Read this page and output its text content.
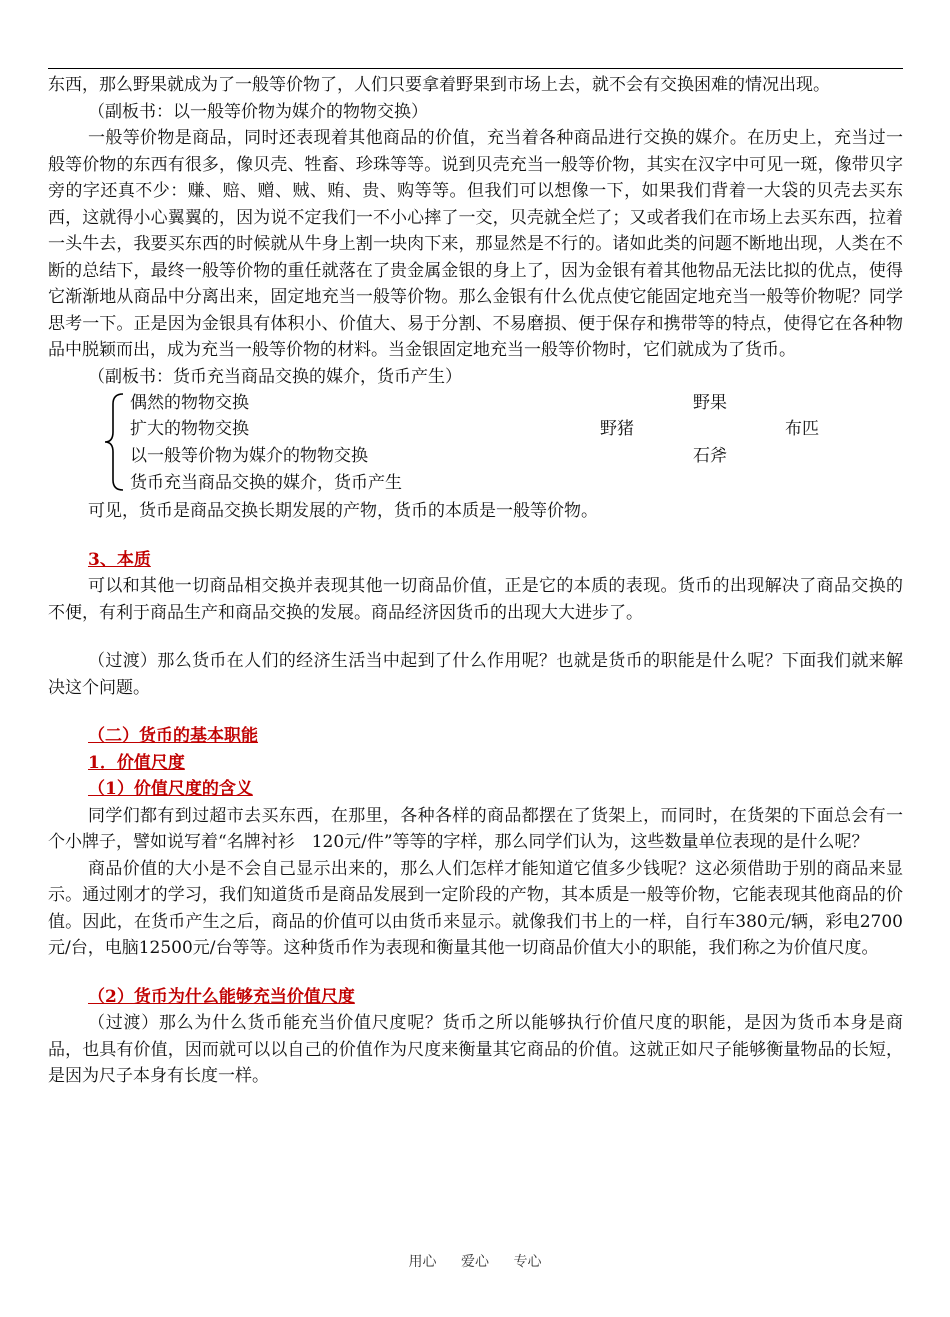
东西，那么野果就成为了一般等价物了，人们只要拿着野果到市场上去，就不会有交换困难的情况出现。

（副板书：以一般等价物为媒介的物物交换）

一般等价物是商品，同时还表现着其他商品的价值，充当着各种商品进行交换的媒介。在历史上，充当过一般等价物的东西有很多，像贝壳、牲畜、珍珠等等。说到贝壳充当一般等价物，其实在汉字中可见一斑，像带贝字旁的字还真不少：赚、赔、赠、贼、贿、贵、购等等。但我们可以想像一下，如果我们背着一大袋的贝壳去买东西，这就得小心翼翼的，因为说不定我们一不小心摔了一交，贝壳就全烂了；又或者我们在市场上去买东西，拉着一头牛去，我要买东西的时候就从牛身上割一块肉下来，那显然是不行的。诸如此类的问题不断地出现，人类在不断的总结下，最终一般等价物的重任就落在了贵金属金银的身上了，因为金银有着其他物品无法比拟的优点，使得它渐渐地从商品中分离出来，固定地充当一般等价物。那么金银有什么优点使它能固定地充当一般等价物呢？同学思考一下。正是因为金银具有体积小、价值大、易于分割、不易磨损、便于保存和携带等的特点，使得它在各种物品中脱颖而出，成为充当一般等价物的材料。当金银固定地充当一般等价物时，它们就成为了货币。

（副板书：货币充当商品交换的媒介，货币产生）

偶然的物物交换
扩大的物物交换
以一般等价物为媒介的物物交换
货币充当商品交换的媒介，货币产生
野果
野猪	布匹
石斧

可见，货币是商品交换长期发展的产物，货币的本质是一般等价物。

3、本质

可以和其他一切商品相交换并表现其他一切商品价值，正是它的本质的表现。货币的出现解决了商品交换的不便，有利于商品生产和商品交换的发展。商品经济因货币的出现大大进步了。

（过渡）那么货币在人们的经济生活当中起到了什么作用呢？也就是货币的职能是什么呢？下面我们就来解决这个问题。

（二）货币的基本职能

1．价值尺度

（1）价值尺度的含义

同学们都有到过超市去买东西，在那里，各种各样的商品都摆在了货架上，而同时，在货架的下面总会有一个小牌子，譬如说写着“名牌衬衫　120元/件”等等的字样，那么同学们认为，这些数量单位表现的是什么呢？

商品价值的大小是不会自己显示出来的，那么人们怎样才能知道它值多少钱呢？这必须借助于别的商品来显示。通过刚才的学习，我们知道货币是商品发展到一定阶段的产物，其本质是一般等价物，它能表现其他商品的价值。因此，在货币产生之后，商品的价值可以由货币来显示。就像我们书上的一样，自行车380元/辆，彩电2700元/台，电脑12500元/台等等。这种货币作为表现和衡量其他一切商品价值大小的职能，我们称之为价值尺度。

（2）货币为什么能够充当价值尺度

（过渡）那么为什么货币能充当价值尺度呢？货币之所以能够执行价值尺度的职能，是因为货币本身是商品，也具有价值，因而就可以以自己的价值作为尺度来衡量其它商品的价值。这就正如尺子能够衡量物品的长短，是因为尺子本身有长度一样。

用心 爱心 专心
